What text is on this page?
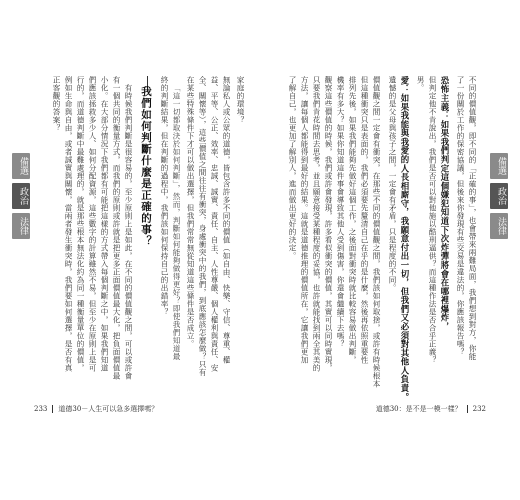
備選
政治
法律
家庭的環境？
無論私人或公眾的道德，皆包含許多不同的價值（如自由、快樂、守信、尊重、權
益、平等、公正、效率、忠誠、誠實、責任、自主、人性尊嚴、個人權利與責任、安
全、關懷等），這些價值之間往往有衝突，身處衝突中的我們，到底應該怎麼做？只有
在某些特殊條件下才可以做出選擇，但我們常常無從知道這些條件是否成立。
「這一切都取決於如何判斷」，然而，判斷如何能夠做得更好？即使我們知道最
終的判斷結果，但在判斷的過程中，我們該如何保持自己的出錯率？
我們如何判斷什麼是正確的事？
有時候我們判斷是很容易的，至少原則上是如此，在不同的價值觀之間，可以或許會
有一個共同的衡量方式，而我們的原則或許就是把更多正面價值最大化，把負面價值最
小化。在大部分情況下我們都有可能把這樣的方式帶入每個判斷之中，如果我們知道
們應該拯救多少人、如何分配資源，這些數字的計算雖然不易，但至少在原則上是可
行的，而道德判斷中最難處理的，就是那些根本無法化約為同一種衡量單位的價值，
例如生命與自由，或者誠實與關懷，當兩者發生衝突時，我們要如何選擇，是否有真
正客觀的答案？
233 道德30－人生可以急多選擇嗎？
備選
政治
法律
不同的價值觀，即不同的「正確的事」，也會帶來兩難局面，我們想到對方，你能
了一份關於工作的保密協議，但後來你發現有些交易是違法的，你應該報告嗎？
恐怖主義：如果我們判定這個嫌犯知道下次炸彈將會在哪裡爆炸，
但判定他不肯說出，我們是否可以對他施以酷刑逼供？而這種作法是否合乎正義？
男。
愛：如果我能與我愛的人長相廝守，我願意付出一切，但我們又必須對其他人負責。
遺憾的是父母與孩子之間，一定會有矛盾，只是程度的不同。
價值觀之間一定會有衝突，在那些不同的價值觀之間，我們該如何取捨，或許有時候根本
但這種衝突只是表面的，我們必須要先釐清自己在乎的是什麼，然後再依照重要性
排列先後，如果我們能夠先做好這個工作，之後面對衝突時就比較容易做出判斷，
機率有多大？如果你知道這件事會導致其他人受到傷害，你還會繼續下去嗎？
觀察這些價值的時候，我們或許會發現，許多看似衝突的價值，其實可以同時實現，
只要我們肯花時間去思考，並且願意接受某種程度的妥協，也許就能找到兩全其美的
方法，讓每個人都能得到最好的結果。這就是道德推理的價值所在，它讓我們更加
了解自己，也更加了解別人，進而做出更好的決定。
道德30：是不是一模一樣？ 232
